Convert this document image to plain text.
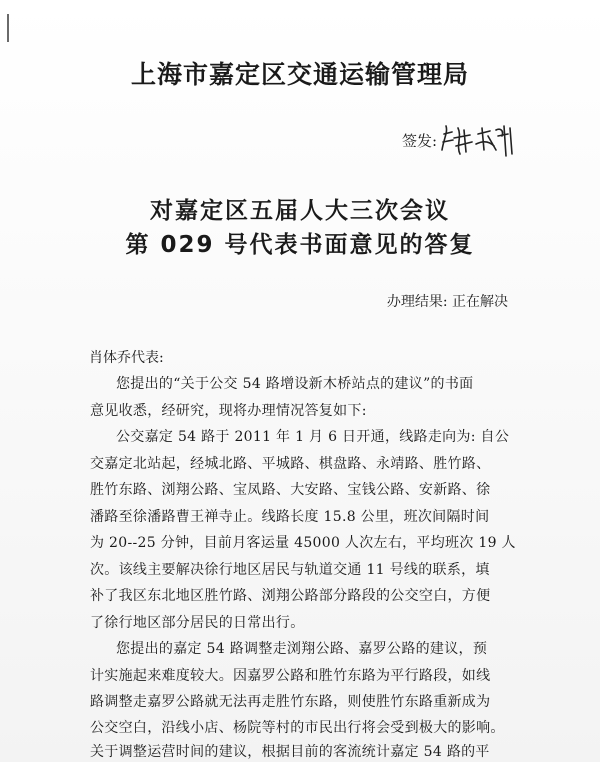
上海市嘉定区交通运输管理局
签发:
对嘉定区五届人大三次会议
第 029 号代表书面意见的答复
办理结果: 正在解决
肖体乔代表:
您提出的“关于公交 54 路增设新木桥站点的建议”的书面
意见收悉，经研究，现将办理情况答复如下:
公交嘉定 54 路于 2011 年 1 月 6 日开通，线路走向为: 自公
交嘉定北站起，经城北路、平城路、棋盘路、永靖路、胜竹路、
胜竹东路、浏翔公路、宝凤路、大安路、宝钱公路、安新路、徐
潘路至徐潘路曹王禅寺止。线路长度 15.8 公里，班次间隔时间
为 20--25 分钟，目前月客运量 45000 人次左右，平均班次 19 人
次。该线主要解决徐行地区居民与轨道交通 11 号线的联系，填
补了我区东北地区胜竹路、浏翔公路部分路段的公交空白，方便
了徐行地区部分居民的日常出行。
您提出的嘉定 54 路调整走浏翔公路、嘉罗公路的建议，预
计实施起来难度较大。因嘉罗公路和胜竹东路为平行路段，如线
路调整走嘉罗公路就无法再走胜竹东路，则使胜竹东路重新成为
公交空白，沿线小店、杨院等村的市民出行将会受到极大的影响。
关于调整运营时间的建议，根据目前的客流统计嘉定 54 路的平
